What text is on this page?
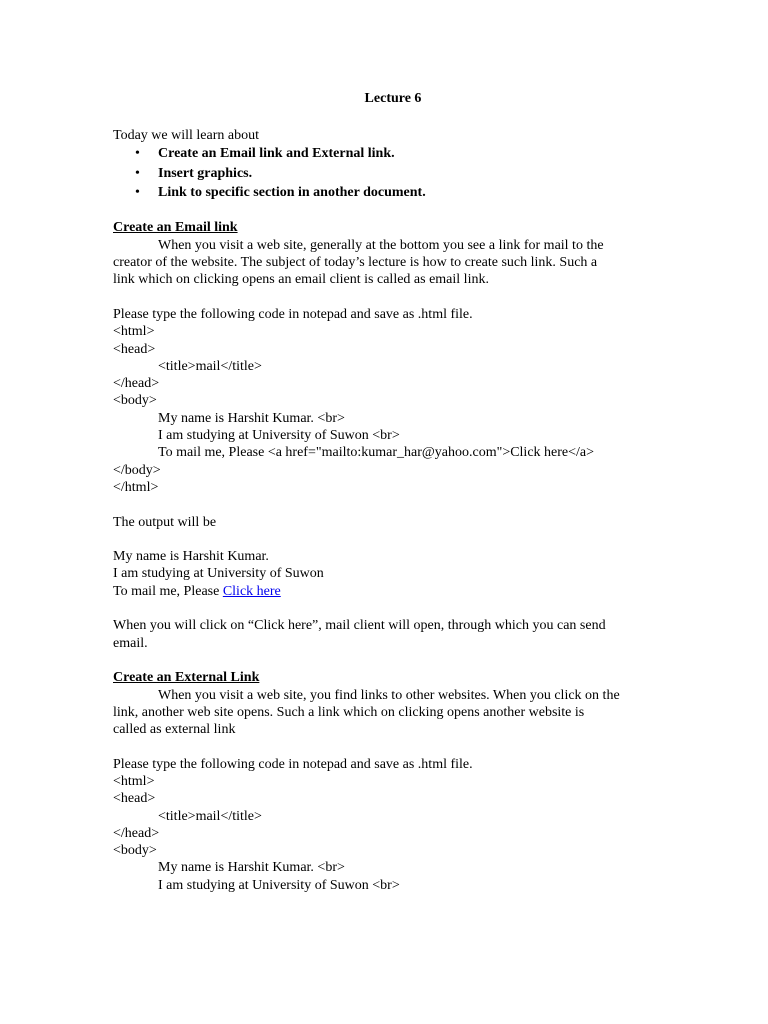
Lecture 6
Today we will learn about
• Create an Email link and External link.
• Insert graphics.
• Link to specific section in another document.
Create an Email link
When you visit a web site, generally at the bottom you see a link for mail to the
creator of the website. The subject of today’s lecture is how to create such link. Such a
link which on clicking opens an email client is called as email link.
Please type the following code in notepad and save as .html file.
<html>
<head>
<title>mail</title>
</head>
<body>
My name is Harshit Kumar. <br>
I am studying at University of Suwon <br>
To mail me, Please <a href="mailto:kumar_har@yahoo.com">Click here</a>
</body>
</html>
The output will be
My name is Harshit Kumar.
I am studying at University of Suwon
To mail me, Please Click here
When you will click on “Click here”, mail client will open, through which you can send
email.
Create an External Link
When you visit a web site, you find links to other websites. When you click on the
link, another web site opens. Such a link which on clicking opens another website is
called as external link
Please type the following code in notepad and save as .html file.
<html>
<head>
<title>mail</title>
</head>
<body>
My name is Harshit Kumar. <br>
I am studying at University of Suwon <br>
